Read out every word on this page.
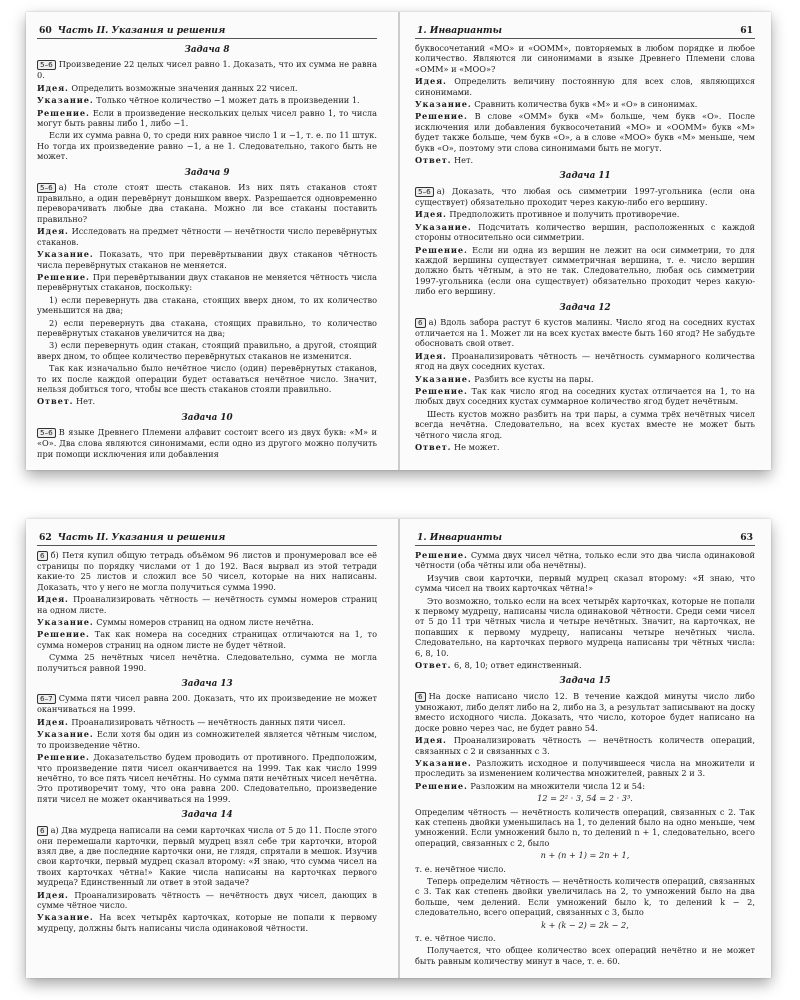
60 Часть II. Указания и решения
Задача 8

5–6 Произведение 22 целых чисел равно 1. Доказать, что их сумма не равна 0.

Идея. Определить возможные значения данных 22 чисел.

Указание. Только чётное количество −1 может дать в произведении 1.

Решение. Если в произведение нескольких целых чисел равно 1, то числа могут быть равны либо 1, либо −1.

Если их сумма равна 0, то среди них равное число 1 и −1, т. е. по 11 штук. Но тогда их произведение равно −1, а не 1. Следовательно, такого быть не может.

Задача 9

5–6 а) На столе стоят шесть стаканов. Из них пять стаканов стоят правильно, а один перевёрнут донышком вверх. Разрешается одновременно переворачивать любые два стакана. Можно ли все стаканы поставить правильно?

Идея. Исследовать на предмет чётности — нечётности число перевёрнутых стаканов.

Указание. Показать, что при перевёртывании двух стаканов чётность числа перевёрнутых стаканов не меняется.

Решение. При перевёртывании двух стаканов не меняется чётность числа перевёрнутых стаканов, поскольку:

1) если перевернуть два стакана, стоящих вверх дном, то их количество уменьшится на два;

2) если перевернуть два стакана, стоящих правильно, то количество перевёрнутых стаканов увеличится на два;

3) если перевернуть один стакан, стоящий правильно, а другой, стоящий вверх дном, то общее количество перевёрнутых стаканов не изменится.

Так как изначально было нечётное число (один) перевёрнутых стаканов, то их после каждой операции будет оставаться нечётное число. Значит, нельзя добиться того, чтобы все шесть стаканов стояли правильно.

Ответ. Нет.

Задача 10

5–6 В языке Древнего Племени алфавит состоит всего из двух букв: «М» и «О». Два слова являются синонимами, если одно из другого можно получить при помощи исключения или добавления

1. Инварианты	61

буквосочетаний «МО» и «ООММ», повторяемых в любом порядке и любое количество. Являются ли синонимами в языке Древнего Племени слова «ОММ» и «МОО»?

Идея. Определить величину постоянную для всех слов, являющихся синонимами.

Указание. Сравнить количества букв «М» и «О» в синонимах.

Решение. В слове «ОММ» букв «М» больше, чем букв «О». После исключения или добавления буквосочетаний «МО» и «ООММ» букв «М» будет также больше, чем букв «О», а в слове «МОО» букв «М» меньше, чем букв «О», поэтому эти слова синонимами быть не могут.

Ответ. Нет.

Задача 11

5–6 а) Доказать, что любая ось симметрии 1997-угольника (если она существует) обязательно проходит через какую-либо его вершину.

Идея. Предположить противное и получить противоречие.

Указание. Подсчитать количество вершин, расположенных с каждой стороны относительно оси симметрии.

Решение. Если ни одна из вершин не лежит на оси симметрии, то для каждой вершины существует симметричная вершина, т. е. число вершин должно быть чётным, а это не так. Следовательно, любая ось симметрии 1997-угольника (если она существует) обязательно проходит через какую-либо его вершину.

Задача 12

6 а) Вдоль забора растут 6 кустов малины. Число ягод на соседних кустах отличается на 1. Может ли на всех кустах вместе быть 160 ягод? Не забудьте обосновать свой ответ.

Идея. Проанализировать чётность — нечётность суммарного количества ягод на двух соседних кустах.

Указание. Разбить все кусты на пары.

Решение. Так как число ягод на соседних кустах отличается на 1, то на любых двух соседних кустах суммарное количество ягод будет нечётным.

Шесть кустов можно разбить на три пары, а сумма трёх нечётных чисел всегда нечётна. Следовательно, на всех кустах вместе не может быть чётного числа ягод.

Ответ. Не может.

62 Часть II. Указания и решения

6 б) Петя купил общую тетрадь объёмом 96 листов и пронумеровал все её страницы по порядку числами от 1 до 192. Вася вырвал из этой тетради какие-то 25 листов и сложил все 50 чисел, которые на них написаны. Доказать, что у него не могла получиться сумма 1990.

Идея. Проанализировать чётность — нечётность суммы номеров страниц на одном листе.

Указание. Суммы номеров страниц на одном листе нечётна.

Решение. Так как номера на соседних страницах отличаются на 1, то сумма номеров страниц на одном листе не будет чётной.

Сумма 25 нечётных чисел нечётна. Следовательно, сумма не могла получиться равной 1990.

Задача 13

6–7 Сумма пяти чисел равна 200. Доказать, что их произведение не может оканчиваться на 1999.

Идея. Проанализировать чётность — нечётность данных пяти чисел.

Указание. Если хотя бы один из сомножителей является чётным числом, то произведение чётно.

Решение. Доказательство будем проводить от противного. Предположим, что произведение пяти чисел оканчивается на 1999. Так как число 1999 нечётно, то все пять чисел нечётны. Но сумма пяти нечётных чисел нечётна. Это противоречит тому, что она равна 200. Следовательно, произведение пяти чисел не может оканчиваться на 1999.

Задача 14

6 а) Два мудреца написали на семи карточках числа от 5 до 11. После этого они перемешали карточки, первый мудрец взял себе три карточки, второй взял две, а две последние карточки они, не глядя, спрятали в мешок. Изучив свои карточки, первый мудрец сказал второму: «Я знаю, что сумма чисел на твоих карточках чётна!» Какие числа написаны на карточках первого мудреца? Единственный ли ответ в этой задаче?

Идея. Проанализировать чётность — нечётность двух чисел, дающих в сумме чётное число.

Указание. На всех четырёх карточках, которые не попали к первому мудрецу, должны быть написаны числа одинаковой чётности.

1. Инварианты	63

Решение. Сумма двух чисел чётна, только если это два числа одинаковой чётности (оба чётны или оба нечётны).

Изучив свои карточки, первый мудрец сказал второму: «Я знаю, что сумма чисел на твоих карточках чётна!»

Это возможно, только если на всех четырёх карточках, которые не попали к первому мудрецу, написаны числа одинаковой чётности. Среди семи чисел от 5 до 11 три чётных числа и четыре нечётных. Значит, на карточках, не попавших к первому мудрецу, написаны четыре нечётных числа. Следовательно, на карточках первого мудреца написаны три чётных числа: 6, 8, 10.

Ответ. 6, 8, 10; ответ единственный.

Задача 15

6 На доске написано число 12. В течение каждой минуты число либо умножают, либо делят либо на 2, либо на 3, а результат записывают на доску вместо исходного числа. Доказать, что число, которое будет написано на доске ровно через час, не будет равно 54.

Идея. Проанализировать чётность — нечётность количеств операций, связанных с 2 и связанных с 3.

Указание. Разложить исходное и получившееся числа на множители и проследить за изменением количества множителей, равных 2 и 3.

Решение. Разложим на множители числа 12 и 54:

12 = 2² · 3, 54 = 2 · 3³.

Определим чётность — нечётность количеств операций, связанных с 2. Так как степень двойки уменьшилась на 1, то делений было на одно меньше, чем умножений. Если умножений было n, то делений n + 1, следовательно, всего операций, связанных с 2, было

n + (n + 1) = 2n + 1,

т. е. нечётное число.

Теперь определим чётность — нечётность количеств операций, связанных с 3. Так как степень двойки увеличилась на 2, то умножений было на два больше, чем делений. Если умножений было k, то делений k − 2, следовательно, всего операций, связанных с 3, было

k + (k − 2) = 2k − 2,

т. е. чётное число.

Получается, что общее количество всех операций нечётно и не может быть равным количеству минут в часе, т. е. 60.
